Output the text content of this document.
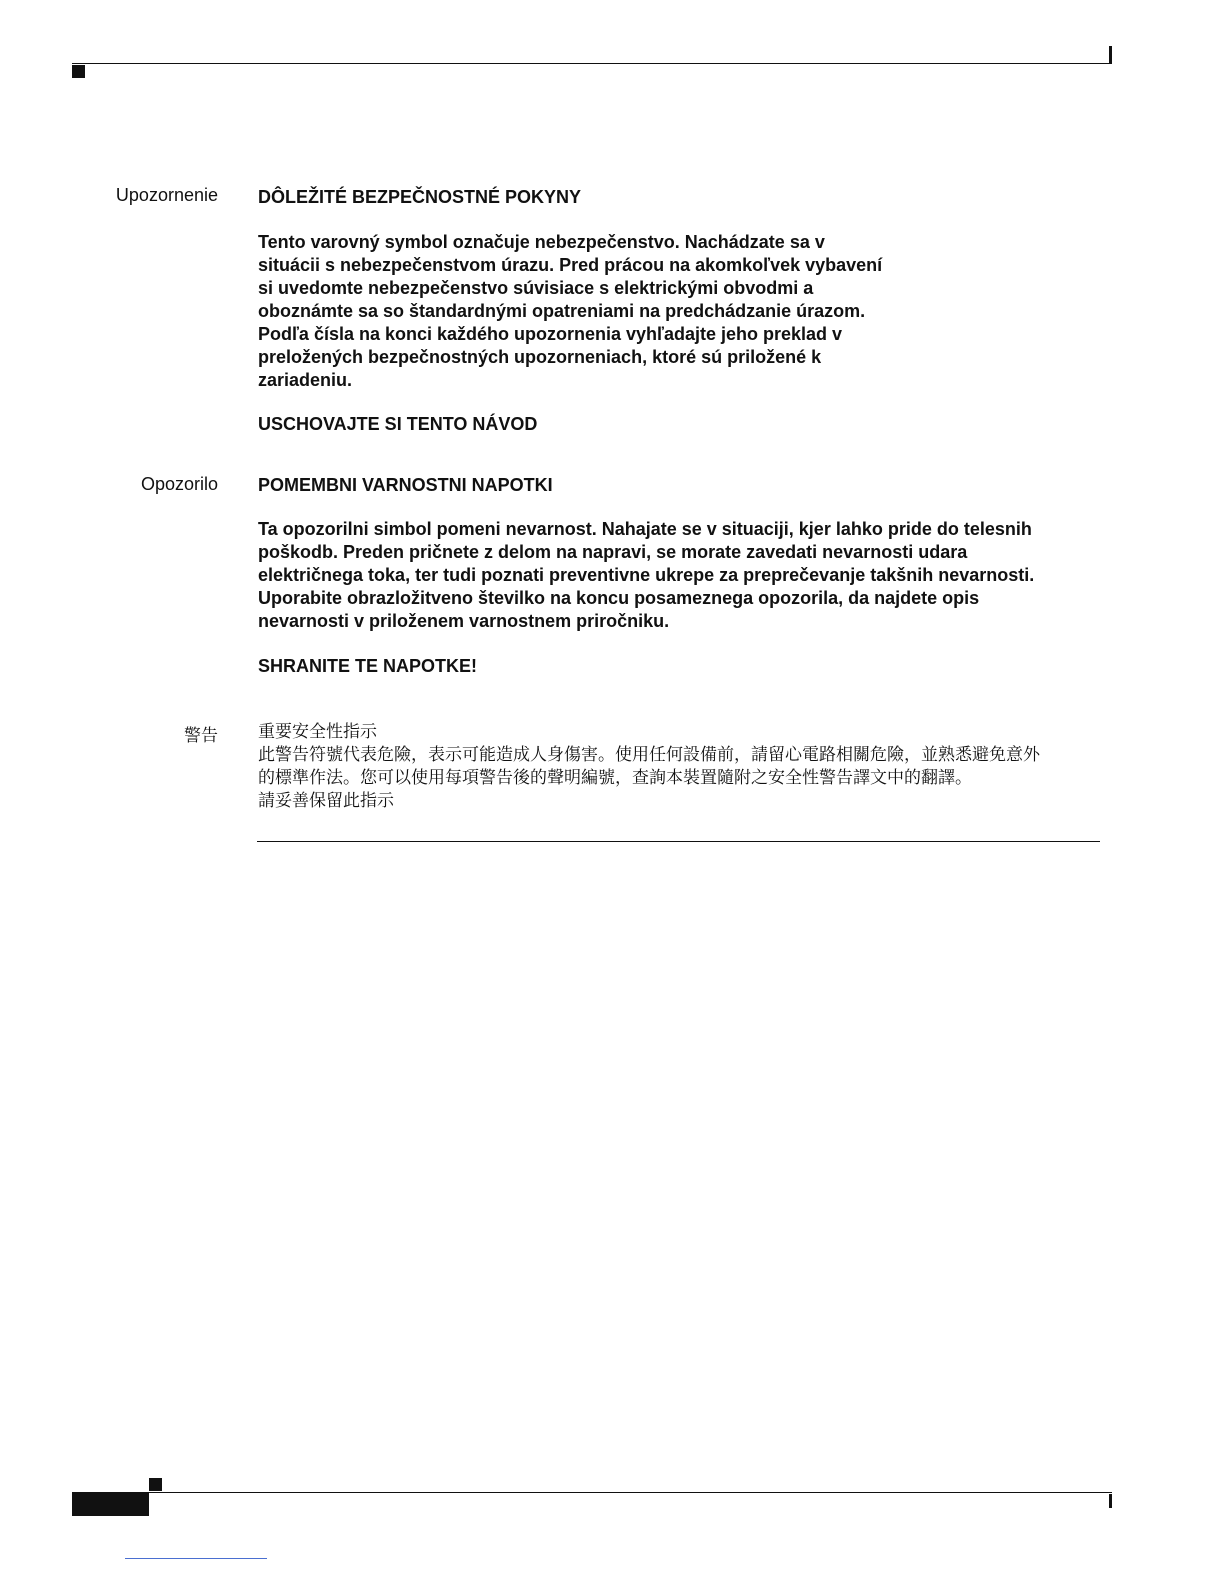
Upozornenie DÔLEŽITÉ BEZPEČNOSTNÉ POKYNY
Tento varovný symbol označuje nebezpečenstvo. Nachádzate sa v
situácii s nebezpečenstvom úrazu. Pred prácou na akomkoľvek vybavení
si uvedomte nebezpečenstvo súvisiace s elektrickými obvodmi a
oboznámte sa so štandardnými opatreniami na predchádzanie úrazom.
Podľa čísla na konci každého upozornenia vyhľadajte jeho preklad v
preložených bezpečnostných upozorneniach, ktoré sú priložené k
zariadeniu.
USCHOVAJTE SI TENTO NÁVOD
Opozorilo POMEMBNI VARNOSTNI NAPOTKI
Ta opozorilni simbol pomeni nevarnost. Nahajate se v situaciji, kjer lahko pride do telesnih
poškodb. Preden pričnete z delom na napravi, se morate zavedati nevarnosti udara
električnega toka, ter tudi poznati preventivne ukrepe za preprečevanje takšnih nevarnosti.
Uporabite obrazložitveno številko na koncu posameznega opozorila, da najdete opis
nevarnosti v priloženem varnostnem priročniku.
SHRANITE TE NAPOTKE!
警告 重要安全性指示
此警告符號代表危險，表示可能造成人身傷害。使用任何設備前，請留心電路相關危險，並熟悉避免意外
的標準作法。您可以使用每項警告後的聲明編號，查詢本裝置隨附之安全性警告譯文中的翻譯。
請妥善保留此指示
